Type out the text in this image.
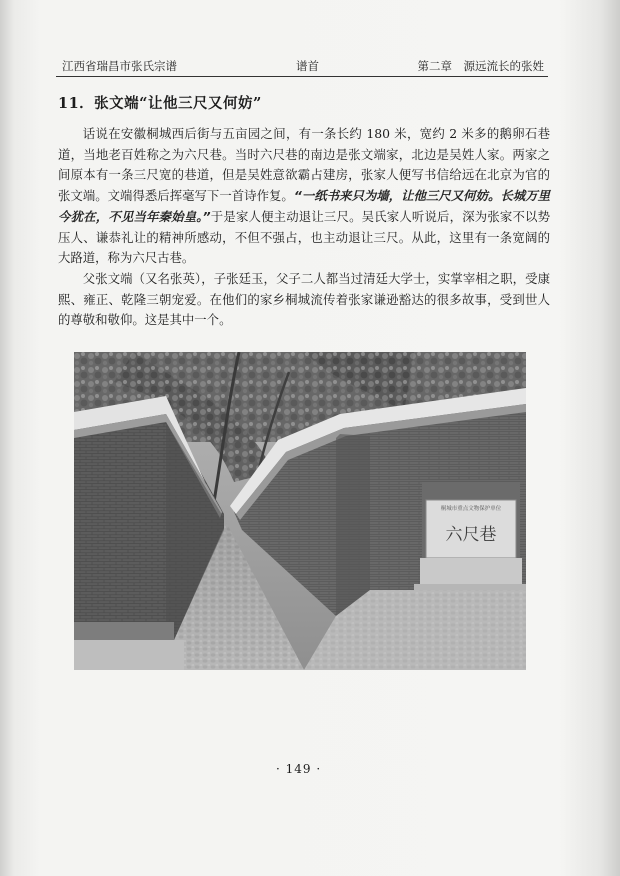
江西省瑞昌市张氏宗谱	谱首	第二章　源远流长的张姓
11．张文端“让他三尺又何妨”

话说在安徽桐城西后街与五亩园之间，有一条长约 180 米，宽约 2 米多的鹅卵石巷道，当地老百姓称之为六尺巷。当时六尺巷的南边是张文端家，北边是吴姓人家。两家之间原本有一条三尺宽的巷道，但是吴姓意欲霸占建房，张家人便写书信给远在北京为官的张文端。文端得悉后挥毫写下一首诗作复。“一纸书来只为墙，让他三尺又何妨。长城万里今犹在，不见当年秦始皇。”于是家人便主动退让三尺。吴氏家人听说后，深为张家不以势压人、谦恭礼让的精神所感动，不但不强占，也主动退让三尺。从此，这里有一条宽阔的大路道，称为六尺古巷。

父张文端（又名张英），子张廷玉，父子二人都当过清廷大学士，实掌宰相之职，受康熙、雍正、乾隆三朝宠爱。在他们的家乡桐城流传着张家谦逊豁达的很多故事，受到世人的尊敬和敬仰。这是其中一个。

桐城市重点文物保护单位
六尺巷
· 149 ·
